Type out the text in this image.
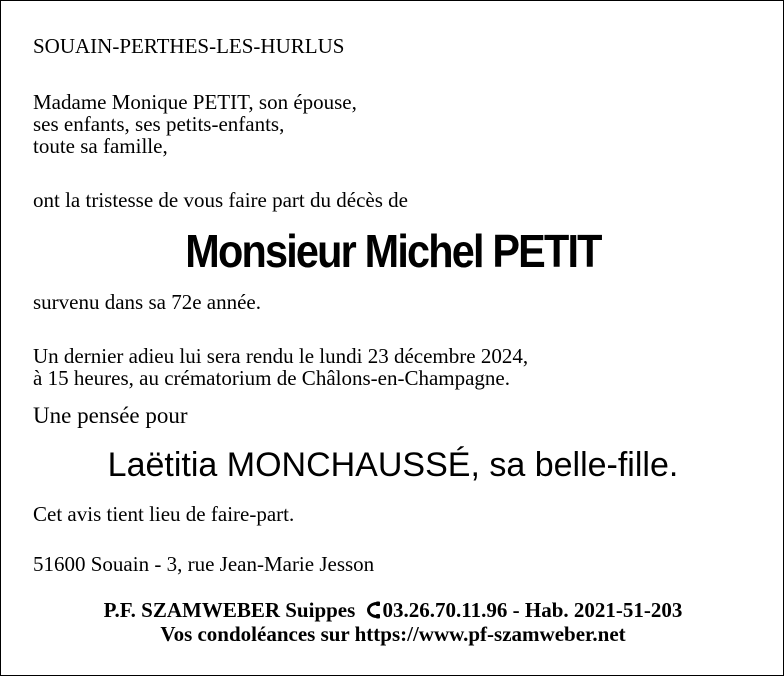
SOUAIN-PERTHES-LES-HURLUS
Madame Monique PETIT, son épouse,
ses enfants, ses petits-enfants,
toute sa famille,
ont la tristesse de vous faire part du décès de
Monsieur Michel PETIT
survenu dans sa 72e année.
Un dernier adieu lui sera rendu le lundi 23 décembre 2024,
à 15 heures, au crématorium de Châlons-en-Champagne.
Une pensée pour
Laëtitia MONCHAUSSÉ, sa belle-fille.
Cet avis tient lieu de faire-part.
51600 Souain - 3, rue Jean-Marie Jesson
P.F. SZAMWEBER Suippes 03.26.70.11.96 - Hab. 2021-51-203
Vos condoléances sur https://www.pf-szamweber.net
